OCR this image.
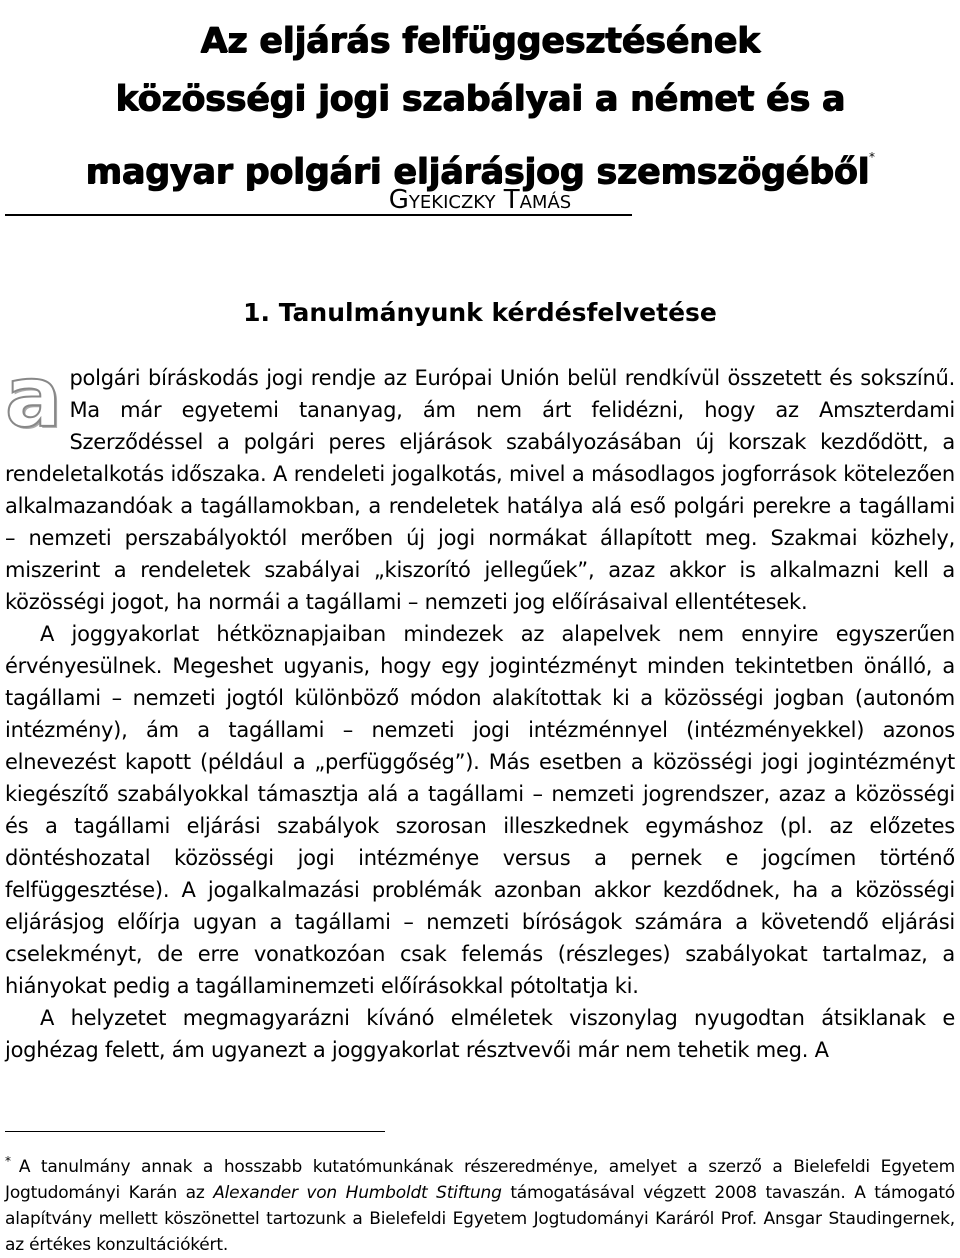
Az eljárás felfüggesztésének
közösségi jogi szabályai a német és a
magyar polgári eljárásjog szemszögéből*
Gyekiczky Tamás
1. Tanulmányunk kérdésfelvetése

apolgári bíráskodás jogi rendje az Európai Unión belül rendkívül összetett és sokszínű. Ma már egyetemi tananyag, ám nem árt felidézni, hogy az Amszterdami Szerződéssel a polgári peres eljárások szabályozásában új korszak kezdődött, a rendeletalkotás időszaka. A rendeleti jogalkotás, mivel a másodlagos jogforrások kötelezően alkalmazandóak a tagállamokban, a rendeletek hatálya alá eső polgári perekre a tagállami – nemzeti perszabályoktól merőben új jogi normákat állapított meg. Szakmai közhely, miszerint a rendeletek szabályai „kiszorító jellegűek”, azaz akkor is alkalmazni kell a közösségi jogot, ha normái a tagállami – nemzeti jog előírásaival ellentétesek.

A joggyakorlat hétköznapjaiban mindezek az alapelvek nem ennyire egyszerűen érvényesülnek. Megeshet ugyanis, hogy egy jogintézményt minden tekintetben önálló, a tagállami – nemzeti jogtól különböző módon alakítottak ki a közösségi jogban (autonóm intézmény), ám a tagállami – nemzeti jogi intézménnyel (intézményekkel) azonos elnevezést kapott (például a „perfüggőség”). Más esetben a közösségi jogi jogintézményt kiegészítő szabályokkal támasztja alá a tagállami – nemzeti jogrendszer, azaz a közösségi és a tagállami eljárási szabályok szorosan illeszkednek egymáshoz (pl. az előzetes döntéshozatal közösségi jogi intézménye versus a pernek e jogcímen történő felfüggesztése). A jogalkalmazási problémák azonban akkor kezdődnek, ha a közösségi eljárásjog előírja ugyan a tagállami – nemzeti bíróságok számára a követendő eljárási cselekményt, de erre vonatkozóan csak felemás (részleges) szabályokat tartalmaz, a hiányokat pedig a tagállaminemzeti előírásokkal pótoltatja ki.

A helyzetet megmagyarázni kívánó elméletek viszonylag nyugodtan átsiklanak e joghézag felett, ám ugyanezt a joggyakorlat résztvevői már nem tehetik meg. A

* A tanulmány annak a hosszabb kutatómunkának részeredménye, amelyet a szerző a Bielefeldi Egyetem Jogtudományi Karán az Alexander von Humboldt Stiftung támogatásával végzett 2008 tavaszán. A támogató alapítvány mellett köszönettel tartozunk a Bielefeldi Egyetem Jogtudományi Karáról Prof. Ansgar Staudingernek, az értékes konzultációkért.
